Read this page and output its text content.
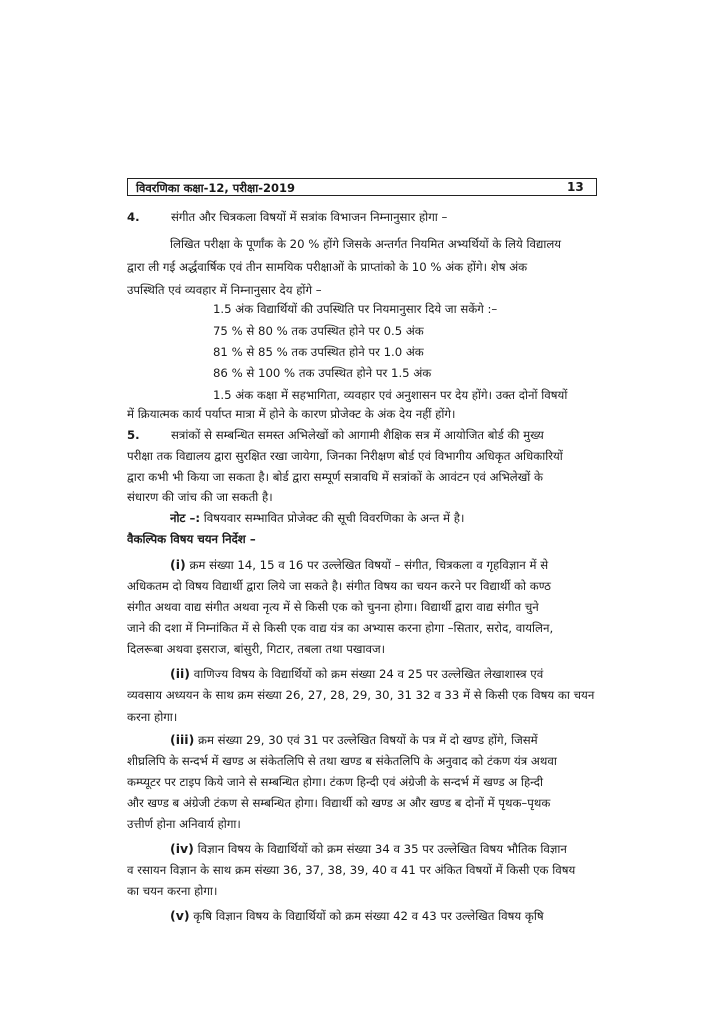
विवरणिका कक्षा-12, परीक्षा-2019	13
4.	संगीत और चित्रकला विषयों में सत्रांक विभाजन निम्नानुसार होगा –
लिखित परीक्षा के पूर्णांक के 20 % होंगे जिसके अन्तर्गत नियमित अभ्यर्थियों के लिये विद्यालय
द्वारा ली गई अर्द्धवार्षिक एवं तीन सामयिक परीक्षाओं के प्राप्तांको के 10 % अंक होंगे। शेष अंक
उपस्थिति एवं व्यवहार में निम्नानुसार देय होंगे –
1.5 अंक विद्यार्थियों की उपस्थिति पर नियमानुसार दिये जा सकेंगे :–
75 % से 80 % तक उपस्थित होने पर 0.5 अंक
81 % से 85 % तक उपस्थित होने पर 1.0 अंक
86 % से 100 % तक उपस्थित होने पर 1.5 अंक
1.5 अंक कक्षा में सहभागिता, व्यवहार एवं अनुशासन पर देय होंगे। उक्त दोनों विषयों
में क्रियात्मक कार्य पर्याप्त मात्रा में होने के कारण प्रोजेक्ट के अंक देय नहीं होंगे।
5.	सत्रांकों से सम्बन्धित समस्त अभिलेखों को आगामी शैक्षिक सत्र में आयोजित बोर्ड की मुख्य
परीक्षा तक विद्यालय द्वारा सुरक्षित रखा जायेगा, जिनका निरीक्षण बोर्ड एवं विभागीय अधिकृत अधिकारियों
द्वारा कभी भी किया जा सकता है। बोर्ड द्वारा सम्पूर्ण सत्रावधि में सत्रांकों के आवंटन एवं अभिलेखों के
संधारण की जांच की जा सकती है।
नोट –: विषयवार सम्भावित प्रोजेक्ट की सूची विवरणिका के अन्त में है।
वैकल्पिक विषय चयन निर्देश –
(i) क्रम संख्या 14, 15 व 16 पर उल्लेखित विषयों – संगीत, चित्रकला व गृहविज्ञान में से
अधिकतम दो विषय विद्यार्थी द्वारा लिये जा सकते है। संगीत विषय का चयन करने पर विद्यार्थी को कण्ठ
संगीत अथवा वाद्य संगीत अथवा नृत्य में से किसी एक को चुनना होगा। विद्यार्थी द्वारा वाद्य संगीत चुने
जाने की दशा में निम्नांकित में से किसी एक वाद्य यंत्र का अभ्यास करना होगा –सितार, सरोद, वायलिन,
दिलरूबा अथवा इसराज, बांसुरी, गिटार, तबला तथा पखावज।
(ii) वाणिज्य विषय के विद्यार्थियों को क्रम संख्या 24 व 25 पर उल्लेखित लेखाशास्त्र एवं
व्यवसाय अध्ययन के साथ क्रम संख्या 26, 27, 28, 29, 30, 31 32 व 33 में से किसी एक विषय का चयन
करना होगा।
(iii) क्रम संख्या 29, 30 एवं 31 पर उल्लेखित विषयों के पत्र में दो खण्ड होंगे, जिसमें
शीघ्रलिपि के सन्दर्भ में खण्ड अ संकेतलिपि से तथा खण्ड ब संकेतलिपि के अनुवाद को टंकण यंत्र अथवा
कम्प्यूटर पर टाइप किये जाने से सम्बन्धित होगा। टंकण हिन्दी एवं अंग्रेजी के सन्दर्भ में खण्ड अ हिन्दी
और खण्ड ब अंग्रेजी टंकण से सम्बन्धित होगा। विद्यार्थी को खण्ड अ और खण्ड ब दोनों में पृथक–पृथक
उत्तीर्ण होना अनिवार्य होगा।
(iv) विज्ञान विषय के विद्यार्थियों को क्रम संख्या 34 व 35 पर उल्लेखित विषय भौतिक विज्ञान
व रसायन विज्ञान के साथ क्रम संख्या 36, 37, 38, 39, 40 व 41 पर अंकित विषयों में किसी एक विषय
का चयन करना होगा।
(v) कृषि विज्ञान विषय के विद्यार्थियों को क्रम संख्या 42 व 43 पर उल्लेखित विषय कृषि
